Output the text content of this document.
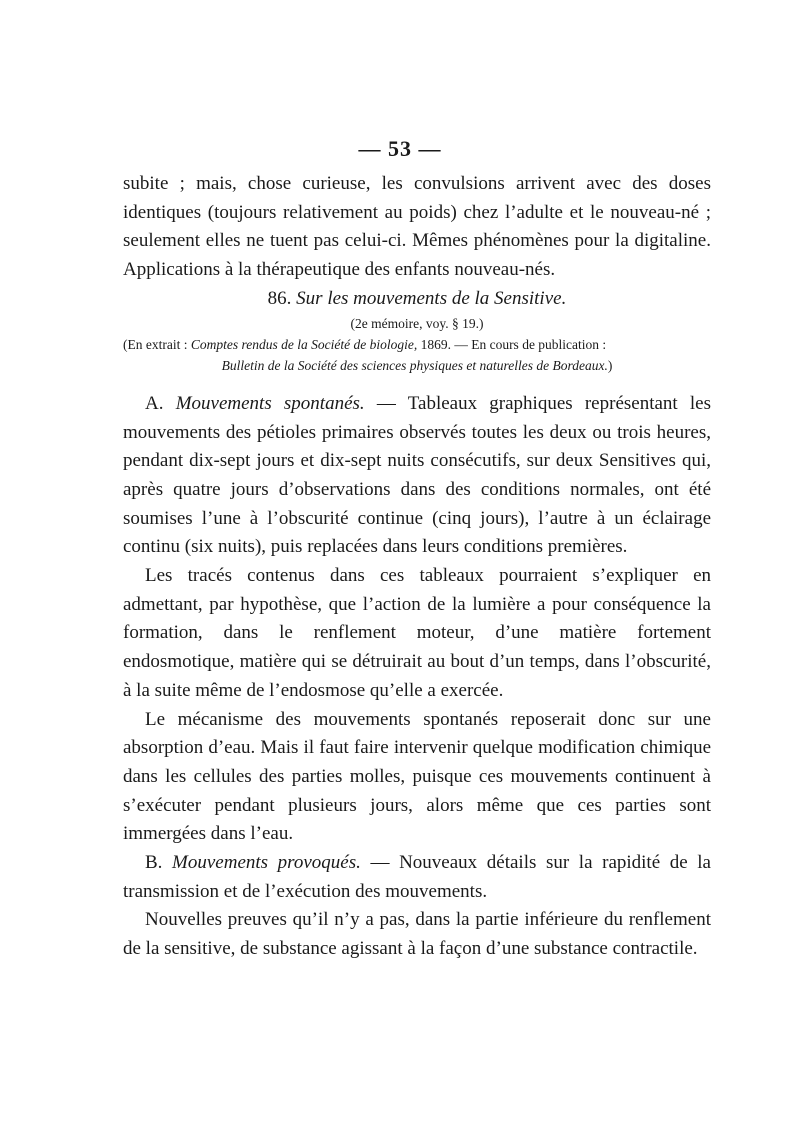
— 53 —

subite ; mais, chose curieuse, les convulsions arrivent avec des doses identiques (toujours relativement au poids) chez l’adulte et le nouveau-né ; seulement elles ne tuent pas celui-ci. Mêmes phénomènes pour la digitaline. Applications à la thérapeutique des enfants nouveau-nés.

86. Sur les mouvements de la Sensitive.

(2e mémoire, voy. § 19.)

(En extrait : Comptes rendus de la Société de biologie, 1869. — En cours de publication :
Bulletin de la Société des sciences physiques et naturelles de Bordeaux.)

A. Mouvements spontanés. — Tableaux graphiques représentant les mouvements des pétioles primaires observés toutes les deux ou trois heures, pendant dix-sept jours et dix-sept nuits consécutifs, sur deux Sensitives qui, après quatre jours d’observations dans des conditions normales, ont été soumises l’une à l’obscurité continue (cinq jours), l’autre à un éclairage continu (six nuits), puis replacées dans leurs conditions premières.

Les tracés contenus dans ces tableaux pourraient s’expliquer en admettant, par hypothèse, que l’action de la lumière a pour conséquence la formation, dans le renflement moteur, d’une matière fortement endosmotique, matière qui se détruirait au bout d’un temps, dans l’obscurité, à la suite même de l’endosmose qu’elle a exercée.

Le mécanisme des mouvements spontanés reposerait donc sur une absorption d’eau. Mais il faut faire intervenir quelque modification chimique dans les cellules des parties molles, puisque ces mouvements continuent à s’exécuter pendant plusieurs jours, alors même que ces parties sont immergées dans l’eau.

B. Mouvements provoqués. — Nouveaux détails sur la rapidité de la transmission et de l’exécution des mouvements.

Nouvelles preuves qu’il n’y a pas, dans la partie inférieure du renflement de la sensitive, de substance agissant à la façon d’une substance contractile.
